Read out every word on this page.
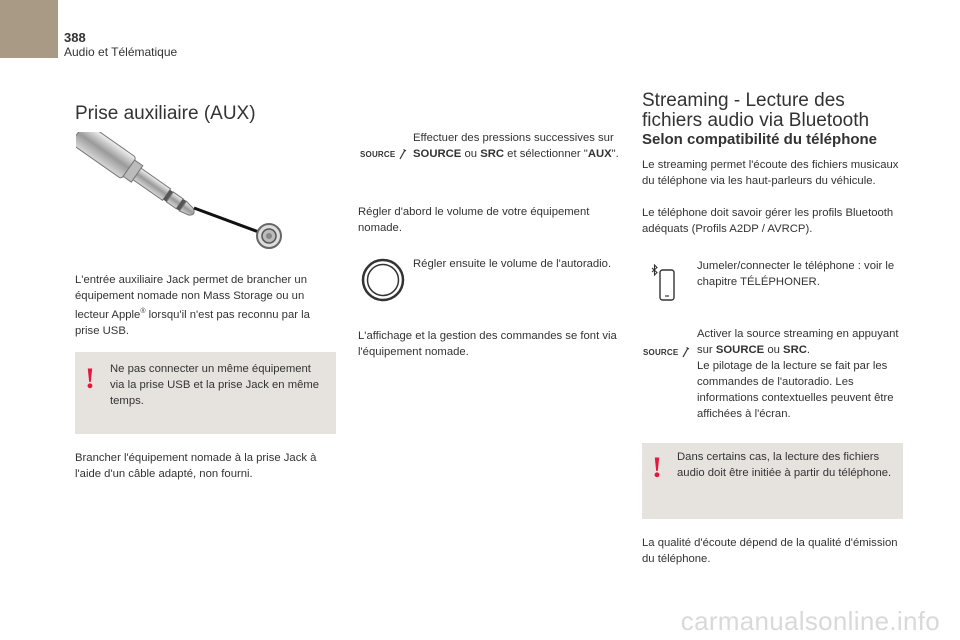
388
Audio et Télématique
Prise auxiliaire (AUX)

L'entrée auxiliaire Jack permet de brancher un équipement nomade non Mass Storage ou un lecteur Apple® lorsqu'il n'est pas reconnu par la prise USB.

! Ne pas connecter un même équipement via la prise USB et la prise Jack en même temps.

Brancher l'équipement nomade à la prise Jack à l'aide d'un câble adapté, non fourni.

SOURCE

Effectuer des pressions successives sur SOURCE ou SRC et sélectionner "AUX".

Régler d'abord le volume de votre équipement nomade.

Régler ensuite le volume de l'autoradio.

L'affichage et la gestion des commandes se font via l'équipement nomade.

Streaming - Lecture des fichiers audio via Bluetooth
Selon compatibilité du téléphone

Le streaming permet l'écoute des fichiers musicaux du téléphone via les haut-parleurs du véhicule.

Le téléphone doit savoir gérer les profils Bluetooth adéquats (Profils A2DP / AVRCP).

Jumeler/connecter le téléphone : voir le chapitre TÉLÉPHONER.

SOURCE

Activer la source streaming en appuyant sur SOURCE ou SRC.

Le pilotage de la lecture se fait par les commandes de l'autoradio. Les informations contextuelles peuvent être affichées à l'écran.

! Dans certains cas, la lecture des fichiers audio doit être initiée à partir du téléphone.

La qualité d'écoute dépend de la qualité d'émission du téléphone.

carmanualsonline.info
